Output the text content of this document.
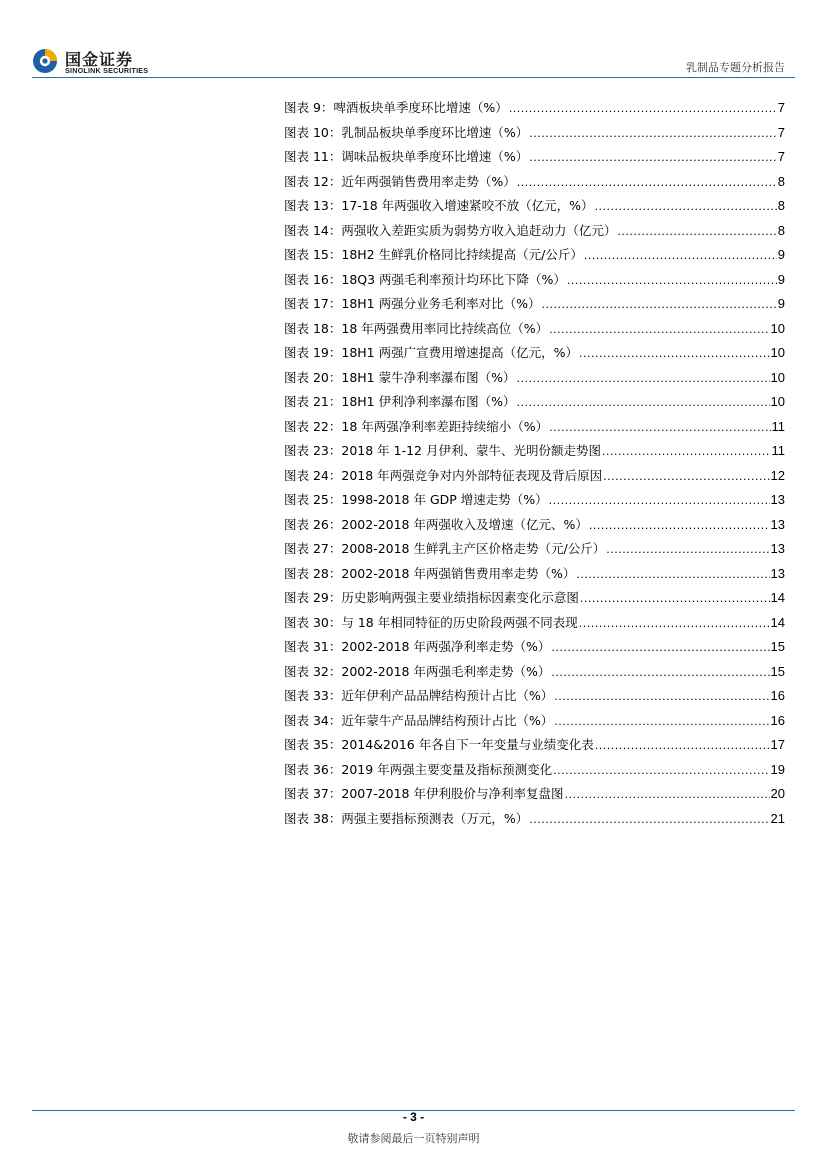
国金证券
SINOLINK SECURITIES	乳制品专题分析报告
图表 9：啤酒板块单季度环比增速（%） .....	7
图表 10：乳制品板块单季度环比增速（%） .....	7
图表 11：调味品板块单季度环比增速（%） .....	7
图表 12：近年两强销售费用率走势（%） .....	8
图表 13：17-18 年两强收入增速紧咬不放（亿元，%） .....	8
图表 14：两强收入差距实质为弱势方收入追赶动力（亿元） .....	8
图表 15：18H2 生鲜乳价格同比持续提高（元/公斤） .....	9
图表 16：18Q3 两强毛利率预计均环比下降（%） .....	9
图表 17：18H1 两强分业务毛利率对比（%） .....	9
图表 18：18 年两强费用率同比持续高位（%） .....	10
图表 19：18H1 两强广宣费用增速提高（亿元，%） .....	10
图表 20：18H1 蒙牛净利率瀑布图（%） .....	10
图表 21：18H1 伊利净利率瀑布图（%） .....	10
图表 22：18 年两强净利率差距持续缩小（%） .....	11
图表 23：2018 年 1-12 月伊利、蒙牛、光明份额走势图 .....	11
图表 24：2018 年两强竞争对内外部特征表现及背后原因 .....	12
图表 25：1998-2018 年 GDP 增速走势（%） .....	13
图表 26：2002-2018 年两强收入及增速（亿元、%） .....	13
图表 27：2008-2018 生鲜乳主产区价格走势（元/公斤） .....	13
图表 28：2002-2018 年两强销售费用率走势（%） .....	13
图表 29：历史影响两强主要业绩指标因素变化示意图 .....	14
图表 30：与 18 年相同特征的历史阶段两强不同表现 .....	14
图表 31：2002-2018 年两强净利率走势（%） .....	15
图表 32：2002-2018 年两强毛利率走势（%） .....	15
图表 33：近年伊利产品品牌结构预计占比（%） .....	16
图表 34：近年蒙牛产品品牌结构预计占比（%） .....	16
图表 35：2014&2016 年各自下一年变量与业绩变化表 .....	17
图表 36：2019 年两强主要变量及指标预测变化 .....	19
图表 37：2007-2018 年伊利股价与净利率复盘图 .....	20
图表 38：两强主要指标预测表（万元，%） .....	21
- 3 -
敬请参阅最后一页特别声明
